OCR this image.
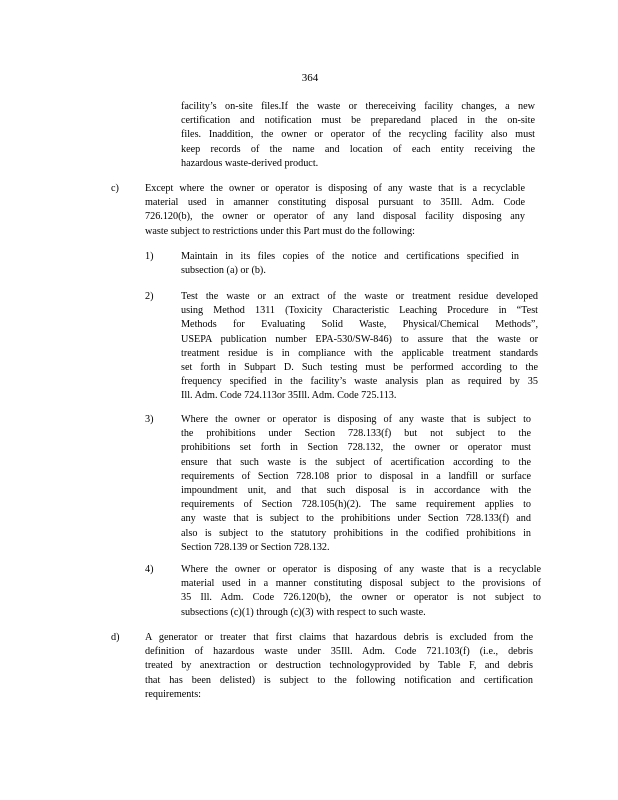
364
facility’s on-site files.If the waste or thereceiving facility changes, a new
certification and notification must be preparedand placed in the on-site
files. Inaddition, the owner or operator of the recycling facility also must
keep records of the name and location of each entity receiving the
hazardous waste-derived product.
c)	Except where the owner or operator is disposing of any waste that is a recyclable
material used in amanner constituting disposal pursuant to 35Ill. Adm. Code
726.120(b), the owner or operator of any land disposal facility disposing any
waste subject to restrictions under this Part must do the following:
1)	Maintain in its files copies of the notice and certifications specified in
subsection (a) or (b).
2)	Test the waste or an extract of the waste or treatment residue developed
using Method 1311 (Toxicity Characteristic Leaching Procedure in “Test
Methods for Evaluating Solid Waste, Physical/Chemical Methods”,
USEPA publication number EPA-530/SW-846) to assure that the waste or
treatment residue is in compliance with the applicable treatment standards
set forth in Subpart D. Such testing must be performed according to the
frequency specified in the facility’s waste analysis plan as required by 35
Ill. Adm. Code 724.113or 35Ill. Adm. Code 725.113.
3)	Where the owner or operator is disposing of any waste that is subject to
the prohibitions under Section 728.133(f) but not subject to the
prohibitions set forth in Section 728.132, the owner or operator must
ensure that such waste is the subject of acertification according to the
requirements of Section 728.108 prior to disposal in a landfill or surface
impoundment unit, and that such disposal is in accordance with the
requirements of Section 728.105(h)(2). The same requirement applies to
any waste that is subject to the prohibitions under Section 728.133(f) and
also is subject to the statutory prohibitions in the codified prohibitions in
Section 728.139 or Section 728.132.
4)	Where the owner or operator is disposing of any waste that is a recyclable
material used in a manner constituting disposal subject to the provisions of
35 Ill. Adm. Code 726.120(b), the owner or operator is not subject to
subsections (c)(1) through (c)(3) with respect to such waste.
d)	A generator or treater that first claims that hazardous debris is excluded from the
definition of hazardous waste under 35Ill. Adm. Code 721.103(f) (i.e., debris
treated by anextraction or destruction technologyprovided by Table F, and debris
that has been delisted) is subject to the following notification and certification
requirements:
